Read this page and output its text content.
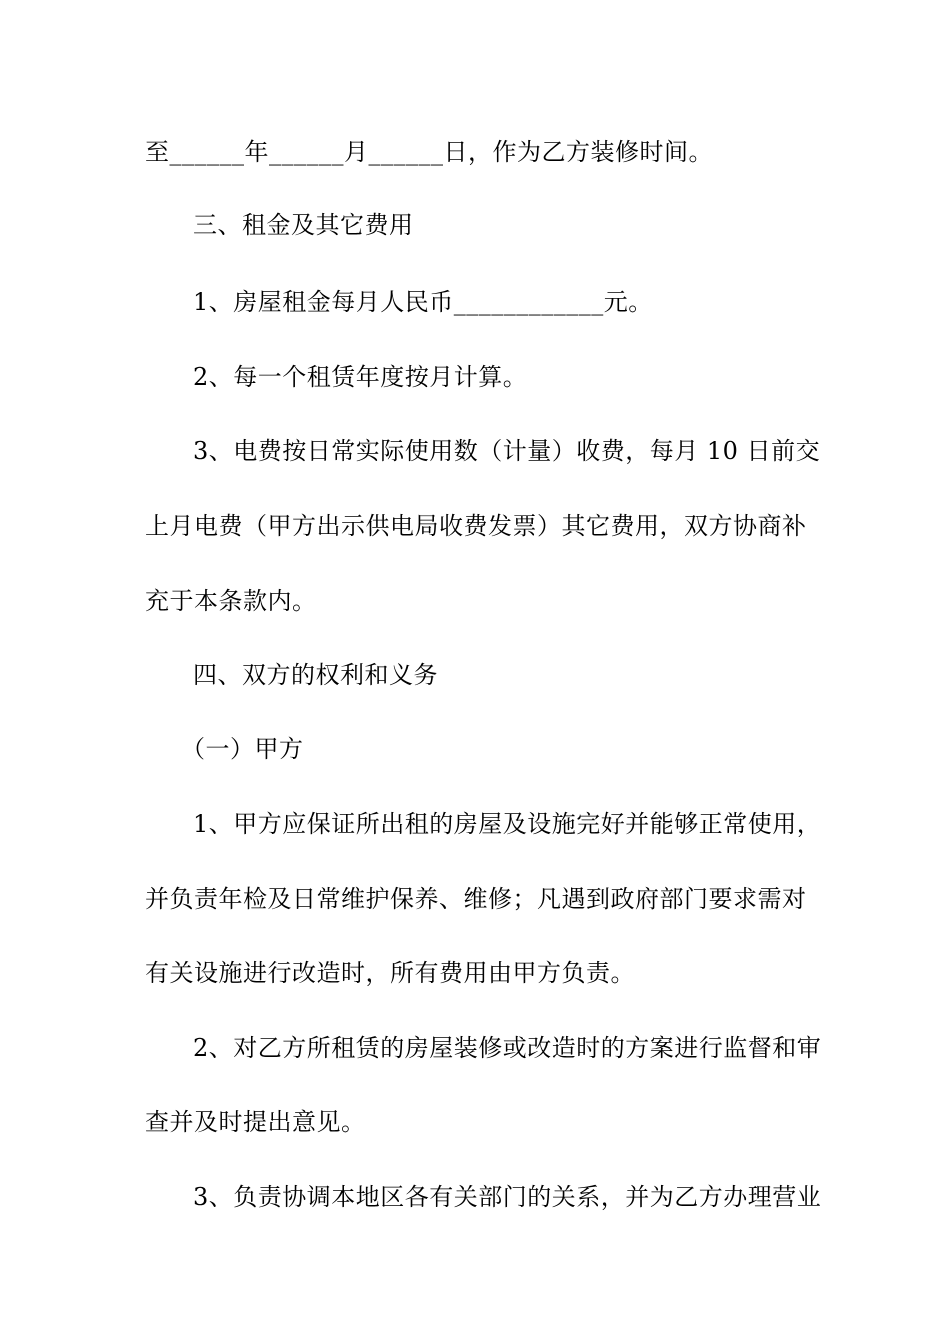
至______年______月______日，作为乙方装修时间。
三、租金及其它费用
1、房屋租金每月人民币____________元。
2、每一个租赁年度按月计算。
3、电费按日常实际使用数（计量）收费，每月 10 日前交
上月电费（甲方出示供电局收费发票）其它费用，双方协商补
充于本条款内。
四、双方的权利和义务
（一）甲方
1、甲方应保证所出租的房屋及设施完好并能够正常使用，
并负责年检及日常维护保养、维修；凡遇到政府部门要求需对
有关设施进行改造时，所有费用由甲方负责。
2、对乙方所租赁的房屋装修或改造时的方案进行监督和审
查并及时提出意见。
3、负责协调本地区各有关部门的关系，并为乙方办理营业
